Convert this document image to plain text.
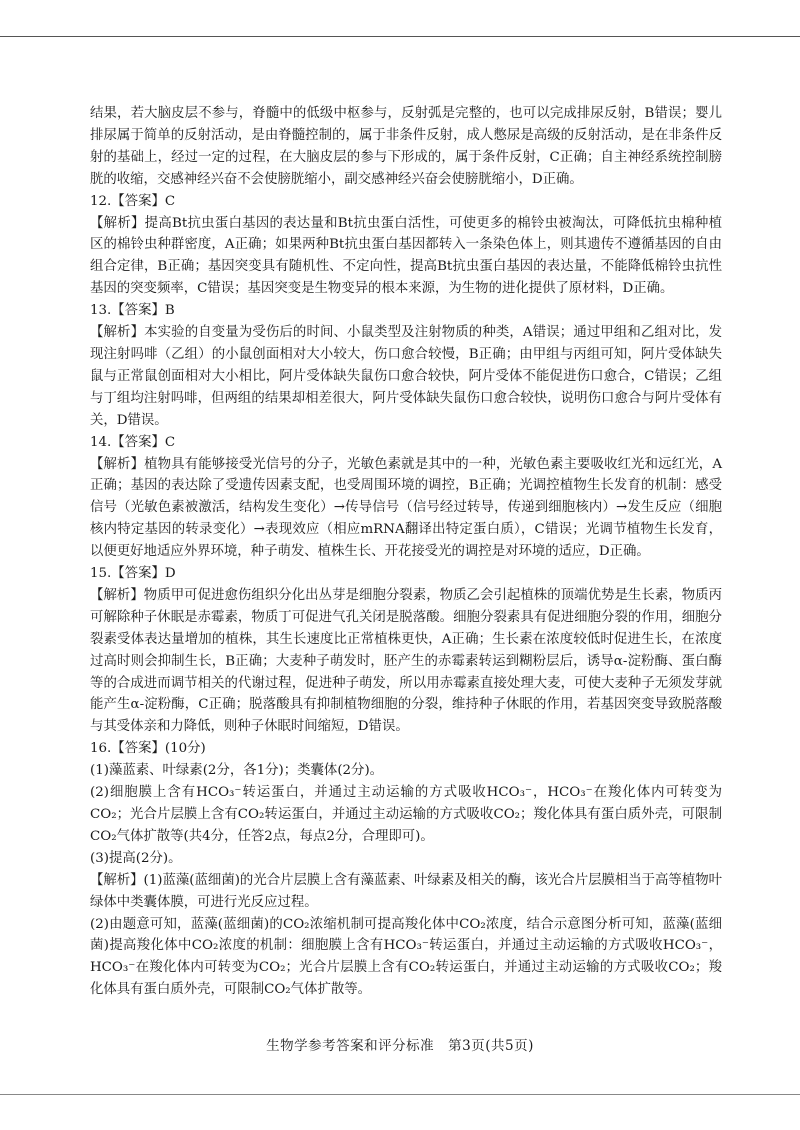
结果，若大脑皮层不参与，脊髓中的低级中枢参与，反射弧是完整的，也可以完成排尿反射，B错误；婴儿排尿属于简单的反射活动，是由脊髓控制的，属于非条件反射，成人憋尿是高级的反射活动，是在非条件反射的基础上，经过一定的过程，在大脑皮层的参与下形成的，属于条件反射，C正确；自主神经系统控制膀胱的收缩，交感神经兴奋不会使膀胱缩小，副交感神经兴奋会使膀胱缩小，D正确。

12.【答案】C

【解析】提高Bt抗虫蛋白基因的表达量和Bt抗虫蛋白活性，可使更多的棉铃虫被淘汰，可降低抗虫棉种植区的棉铃虫种群密度，A正确；如果两种Bt抗虫蛋白基因都转入一条染色体上，则其遗传不遵循基因的自由组合定律，B正确；基因突变具有随机性、不定向性，提高Bt抗虫蛋白基因的表达量，不能降低棉铃虫抗性基因的突变频率，C错误；基因突变是生物变异的根本来源，为生物的进化提供了原材料，D正确。

13.【答案】B

【解析】本实验的自变量为受伤后的时间、小鼠类型及注射物质的种类，A错误；通过甲组和乙组对比，发现注射吗啡（乙组）的小鼠创面相对大小较大，伤口愈合较慢，B正确；由甲组与丙组可知，阿片受体缺失鼠与正常鼠创面相对大小相比，阿片受体缺失鼠伤口愈合较快，阿片受体不能促进伤口愈合，C错误；乙组与丁组均注射吗啡，但两组的结果却相差很大，阿片受体缺失鼠伤口愈合较快，说明伤口愈合与阿片受体有关，D错误。

14.【答案】C

【解析】植物具有能够接受光信号的分子，光敏色素就是其中的一种，光敏色素主要吸收红光和远红光，A正确；基因的表达除了受遗传因素支配，也受周围环境的调控，B正确；光调控植物生长发育的机制：感受信号（光敏色素被激活，结构发生变化）→传导信号（信号经过转导，传递到细胞核内）→发生反应（细胞核内特定基因的转录变化）→表现效应（相应mRNA翻译出特定蛋白质），C错误；光调节植物生长发育，以便更好地适应外界环境，种子萌发、植株生长、开花接受光的调控是对环境的适应，D正确。

15.【答案】D

【解析】物质甲可促进愈伤组织分化出丛芽是细胞分裂素，物质乙会引起植株的顶端优势是生长素，物质丙可解除种子休眠是赤霉素，物质丁可促进气孔关闭是脱落酸。细胞分裂素具有促进细胞分裂的作用，细胞分裂素受体表达量增加的植株，其生长速度比正常植株更快，A正确；生长素在浓度较低时促进生长，在浓度过高时则会抑制生长，B正确；大麦种子萌发时，胚产生的赤霉素转运到糊粉层后，诱导α-淀粉酶、蛋白酶等的合成进而调节相关的代谢过程，促进种子萌发，所以用赤霉素直接处理大麦，可使大麦种子无须发芽就能产生α-淀粉酶，C正确；脱落酸具有抑制植物细胞的分裂，维持种子休眠的作用，若基因突变导致脱落酸与其受体亲和力降低，则种子休眠时间缩短，D错误。

16.【答案】(10分)

(1)藻蓝素、叶绿素(2分，各1分)；类囊体(2分)。

(2)细胞膜上含有HCO₃⁻转运蛋白，并通过主动运输的方式吸收HCO₃⁻，HCO₃⁻在羧化体内可转变为CO₂；光合片层膜上含有CO₂转运蛋白，并通过主动运输的方式吸收CO₂；羧化体具有蛋白质外壳，可限制CO₂气体扩散等(共4分，任答2点，每点2分，合理即可)。

(3)提高(2分)。

【解析】(1)蓝藻(蓝细菌)的光合片层膜上含有藻蓝素、叶绿素及相关的酶，该光合片层膜相当于高等植物叶绿体中类囊体膜，可进行光反应过程。

(2)由题意可知，蓝藻(蓝细菌)的CO₂浓缩机制可提高羧化体中CO₂浓度，结合示意图分析可知，蓝藻(蓝细菌)提高羧化体中CO₂浓度的机制：细胞膜上含有HCO₃⁻转运蛋白，并通过主动运输的方式吸收HCO₃⁻，HCO₃⁻在羧化体内可转变为CO₂；光合片层膜上含有CO₂转运蛋白，并通过主动运输的方式吸收CO₂；羧化体具有蛋白质外壳，可限制CO₂气体扩散等。

生物学参考答案和评分标准　第3页(共5页)
